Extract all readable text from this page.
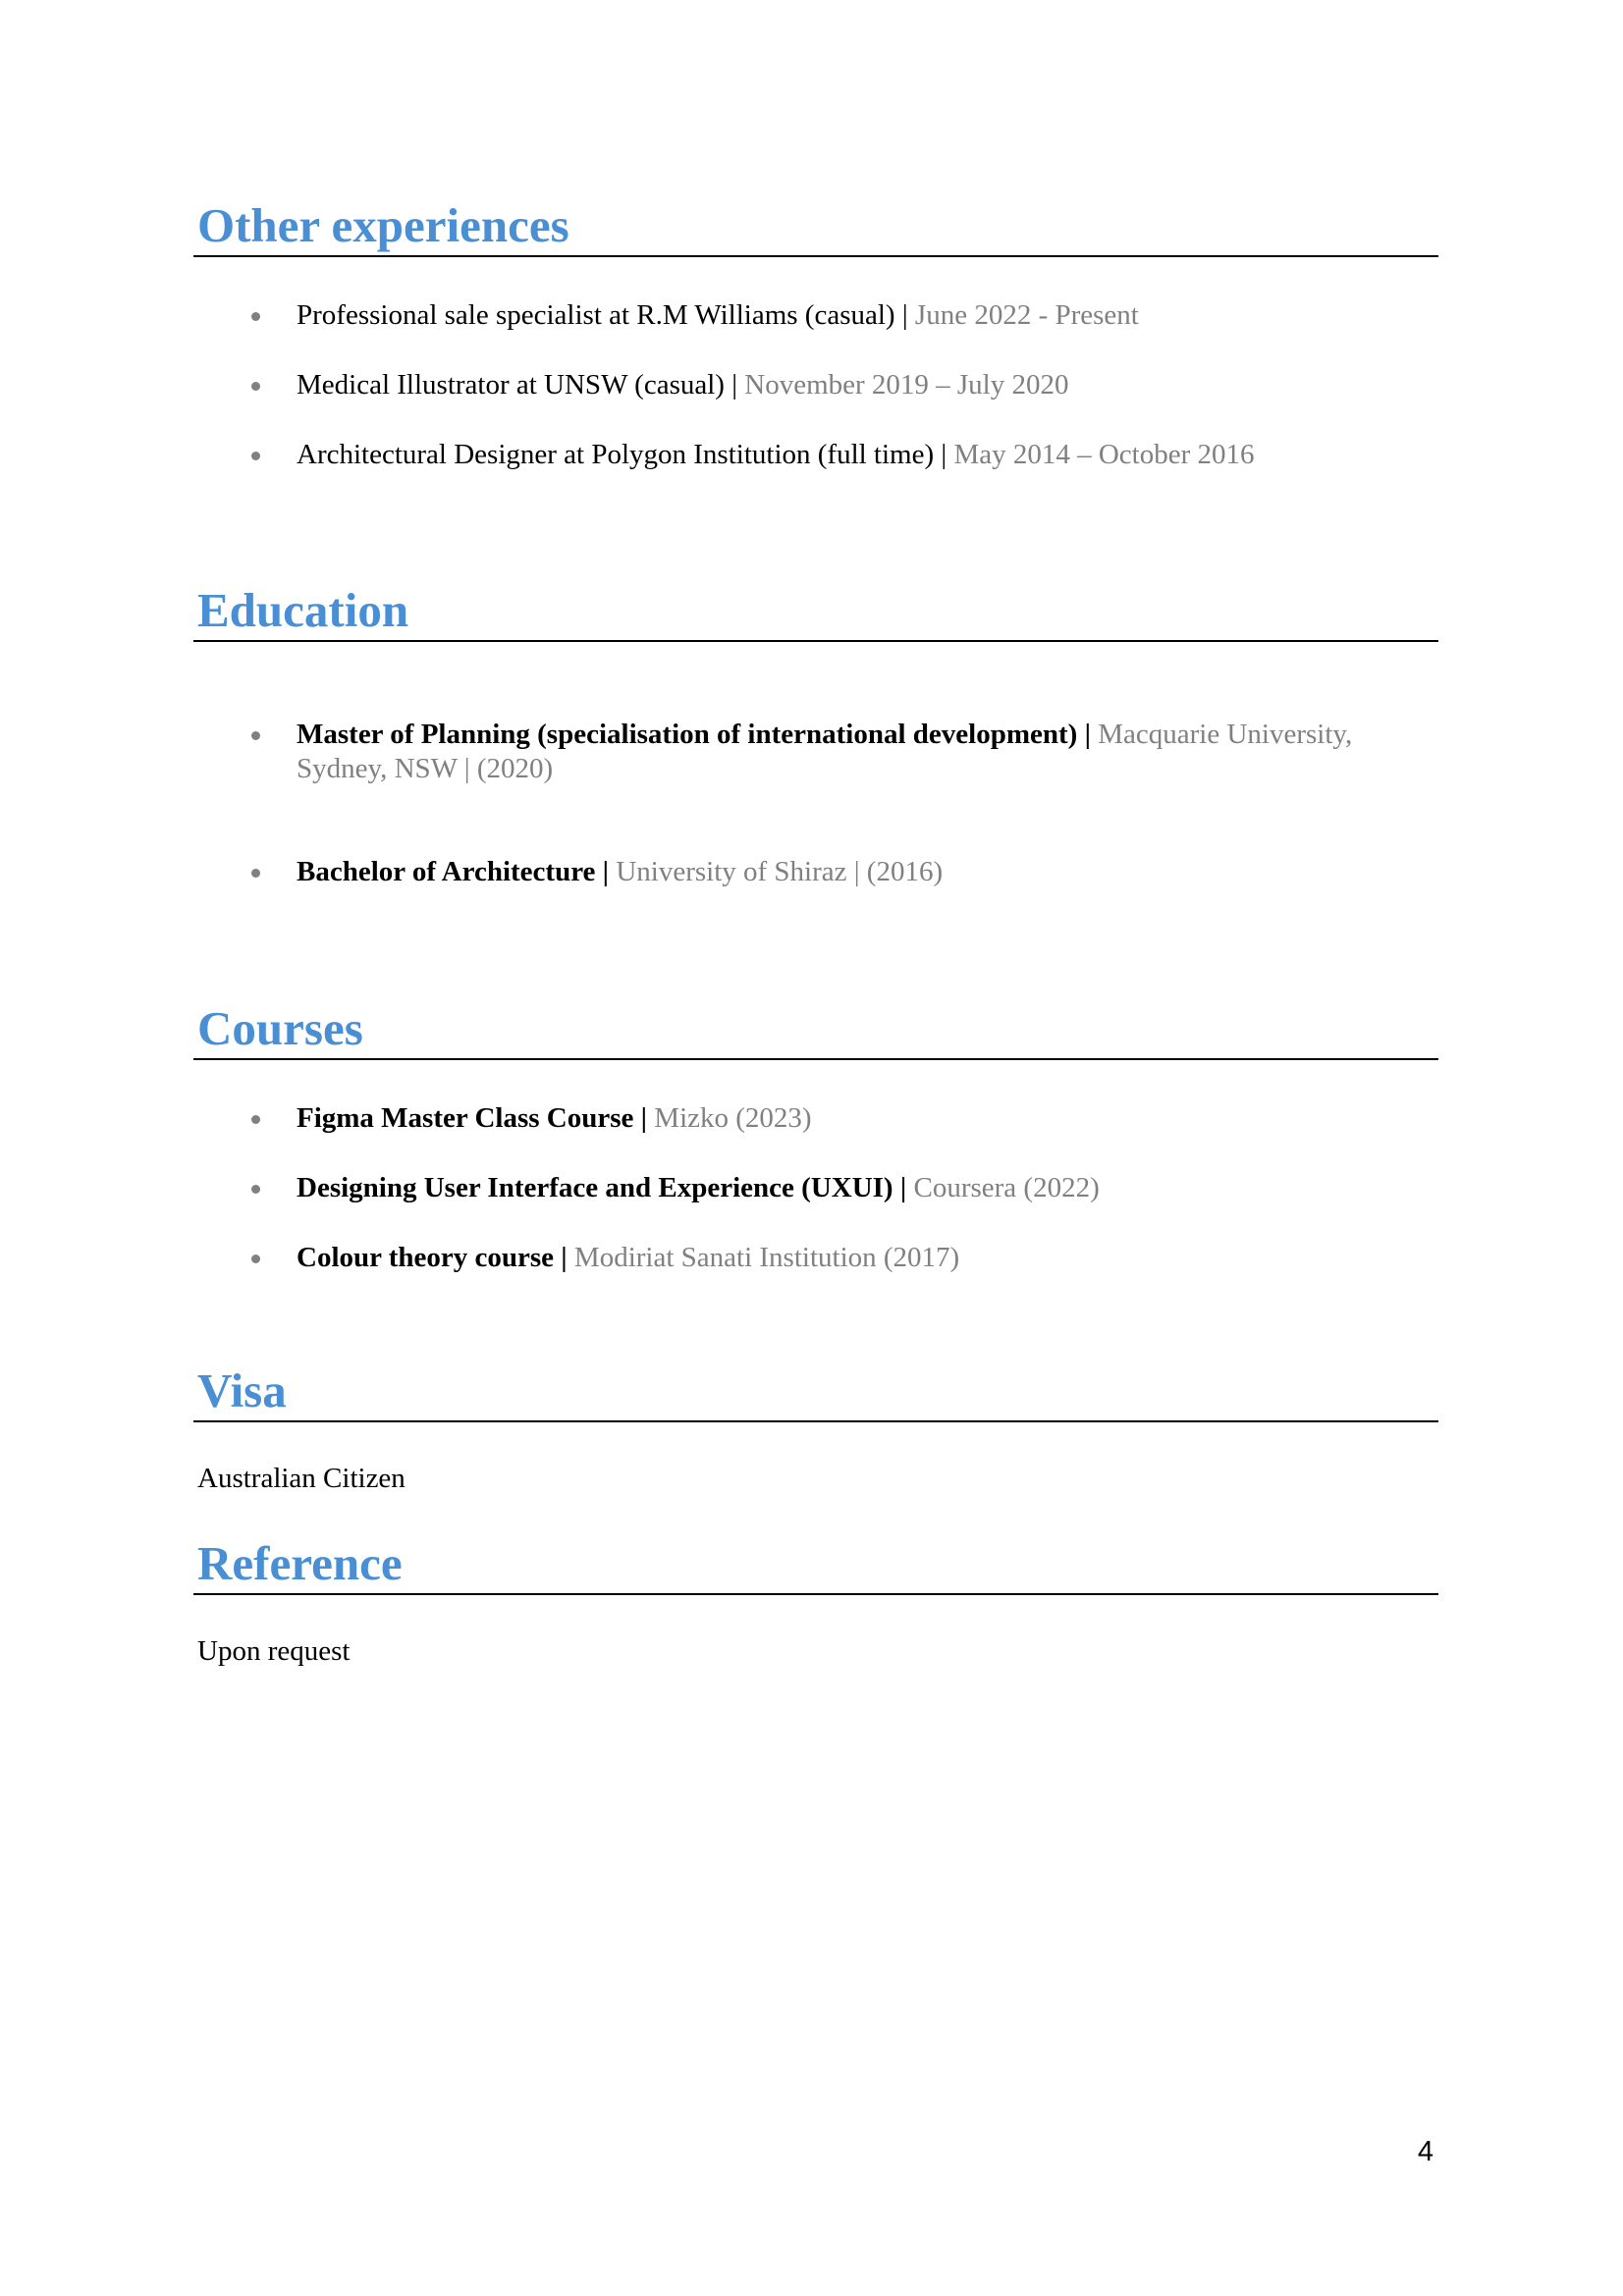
Other experiences
Professional sale specialist at R.M Williams (casual) | June 2022 - Present
Medical Illustrator at UNSW (casual) | November 2019 – July 2020
Architectural Designer at Polygon Institution (full time) | May 2014 – October 2016
Education
Master of Planning (specialisation of international development) | Macquarie University, Sydney, NSW | (2020)
Bachelor of Architecture | University of Shiraz | (2016)
Courses
Figma Master Class Course | Mizko (2023)
Designing User Interface and Experience (UXUI) | Coursera (2022)
Colour theory course | Modiriat Sanati Institution (2017)
Visa
Australian Citizen
Reference
Upon request
4
